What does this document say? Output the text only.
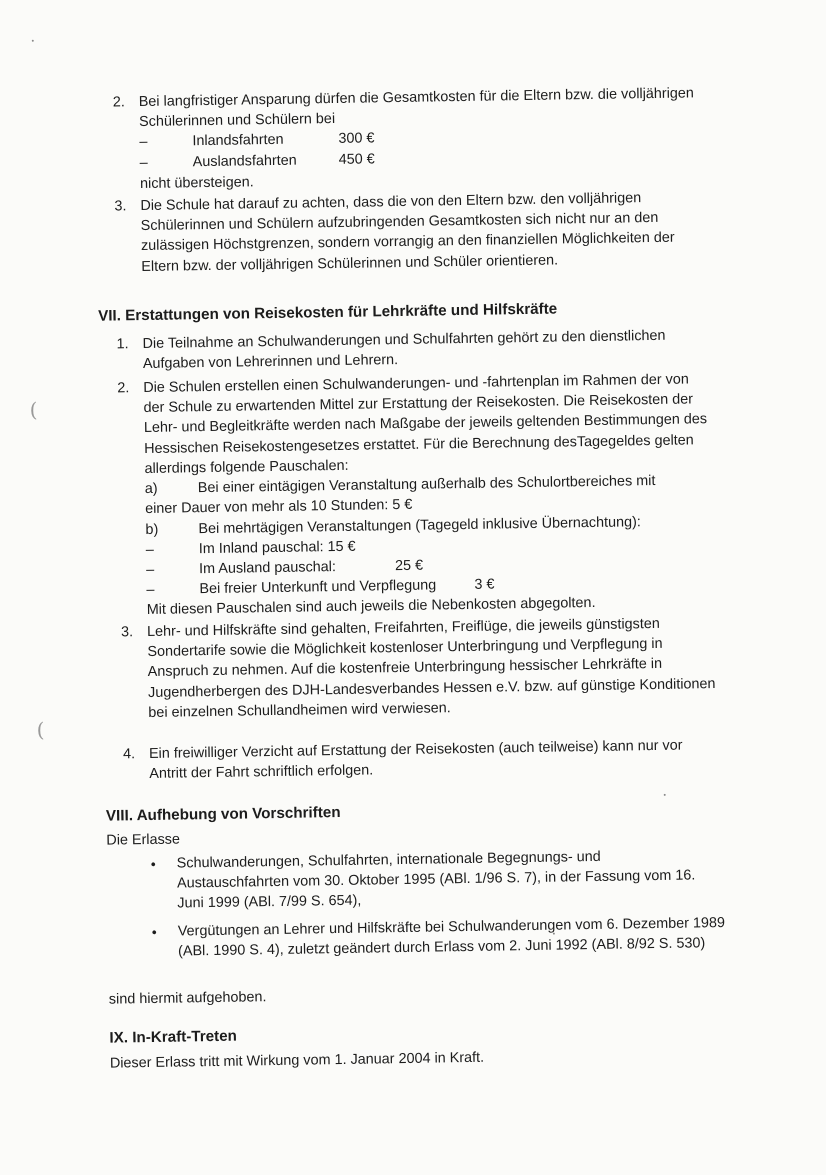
(
(
2. Bei langfristiger Ansparung dürfen die Gesamtkosten für die Eltern bzw. die volljährigen Schülerinnen und Schülern bei
–	Inlandsfahrten	300 €
–	Auslandsfahrten	450 €
nicht übersteigen.
3. Die Schule hat darauf zu achten, dass die von den Eltern bzw. den volljährigen Schülerinnen und Schülern aufzubringenden Gesamtkosten sich nicht nur an den zulässigen Höchstgrenzen, sondern vorrangig an den finanziellen Möglichkeiten der Eltern bzw. der volljährigen Schülerinnen und Schüler orientieren.
VII. Erstattungen von Reisekosten für Lehrkräfte und Hilfskräfte
1. Die Teilnahme an Schulwanderungen und Schulfahrten gehört zu den dienstlichen Aufgaben von Lehrerinnen und Lehrern.
2. Die Schulen erstellen einen Schulwanderungen- und -fahrtenplan im Rahmen der von der Schule zu erwartenden Mittel zur Erstattung der Reisekosten. Die Reisekosten der Lehr- und Begleitkräfte werden nach Maßgabe der jeweils geltenden Bestimmungen des Hessischen Reisekostengesetzes erstattet. Für die Berechnung desTagegeldes gelten allerdings folgende Pauschalen:
a)	Bei einer eintägigen Veranstaltung außerhalb des Schulortbereiches mit
einer Dauer von mehr als 10 Stunden: 5 €
b)	Bei mehrtägigen Veranstaltungen (Tagegeld inklusive Übernachtung):
–	Im Inland pauschal: 15 €
–	Im Ausland pauschal:	25 €
–	Bei freier Unterkunft und Verpflegung	3 €
Mit diesen Pauschalen sind auch jeweils die Nebenkosten abgegolten.
3. Lehr- und Hilfskräfte sind gehalten, Freifahrten, Freiflüge, die jeweils günstigsten Sondertarife sowie die Möglichkeit kostenloser Unterbringung und Verpflegung in Anspruch zu nehmen. Auf die kostenfreie Unterbringung hessischer Lehrkräfte in Jugendherbergen des DJH-Landesverbandes Hessen e.V. bzw. auf günstige Konditionen bei einzelnen Schullandheimen wird verwiesen.
4. Ein freiwilliger Verzicht auf Erstattung der Reisekosten (auch teilweise) kann nur vor Antritt der Fahrt schriftlich erfolgen.
VIII. Aufhebung von Vorschriften
Die Erlasse
• Schulwanderungen, Schulfahrten, internationale Begegnungs- und Austauschfahrten vom 30. Oktober 1995 (ABl. 1/96 S. 7), in der Fassung vom 16. Juni 1999 (ABl. 7/99 S. 654),
• Vergütungen an Lehrer und Hilfskräfte bei Schulwanderungen vom 6. Dezember 1989 (ABl. 1990 S. 4), zuletzt geändert durch Erlass vom 2. Juni 1992 (ABl. 8/92 S. 530)
sind hiermit aufgehoben.
IX. In-Kraft-Treten
Dieser Erlass tritt mit Wirkung vom 1. Januar 2004 in Kraft.
